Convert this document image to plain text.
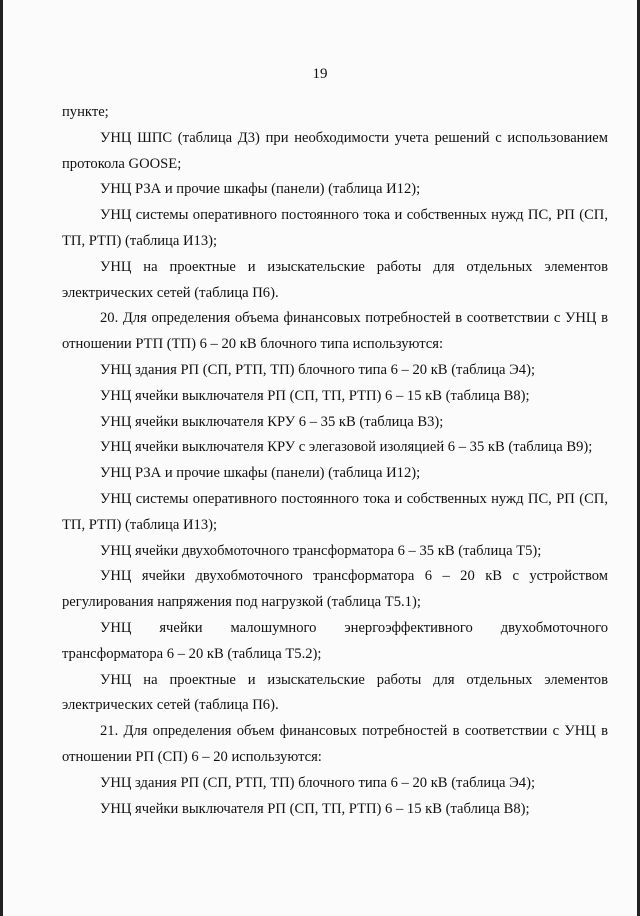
19

пункте;

УНЦ ШПС (таблица Д3) при необходимости учета решений с использованием протокола GOOSE;

УНЦ РЗА и прочие шкафы (панели) (таблица И12);

УНЦ системы оперативного постоянного тока и собственных нужд ПС, РП (СП, ТП, РТП) (таблица И13);

УНЦ на проектные и изыскательские работы для отдельных элементов электрических сетей (таблица П6).

20. Для определения объема финансовых потребностей в соответствии с УНЦ в отношении РТП (ТП) 6 – 20 кВ блочного типа используются:

УНЦ здания РП (СП, РТП, ТП) блочного типа 6 – 20 кВ (таблица Э4);

УНЦ ячейки выключателя РП (СП, ТП, РТП) 6 – 15 кВ (таблица В8);

УНЦ ячейки выключателя КРУ 6 – 35 кВ (таблица В3);

УНЦ ячейки выключателя КРУ с элегазовой изоляцией 6 – 35 кВ (таблица В9);

УНЦ РЗА и прочие шкафы (панели) (таблица И12);

УНЦ системы оперативного постоянного тока и собственных нужд ПС, РП (СП, ТП, РТП) (таблица И13);

УНЦ ячейки двухобмоточного трансформатора 6 – 35 кВ (таблица Т5);

УНЦ ячейки двухобмоточного трансформатора 6 – 20 кВ с устройством регулирования напряжения под нагрузкой (таблица Т5.1);

УНЦ ячейки малошумного энергоэффективного двухобмоточного трансформатора 6 – 20 кВ (таблица Т5.2);

УНЦ на проектные и изыскательские работы для отдельных элементов электрических сетей (таблица П6).

21. Для определения объем финансовых потребностей в соответствии с УНЦ в отношении РП (СП) 6 – 20 используются:

УНЦ здания РП (СП, РТП, ТП) блочного типа 6 – 20 кВ (таблица Э4);

УНЦ ячейки выключателя РП (СП, ТП, РТП) 6 – 15 кВ (таблица В8);
